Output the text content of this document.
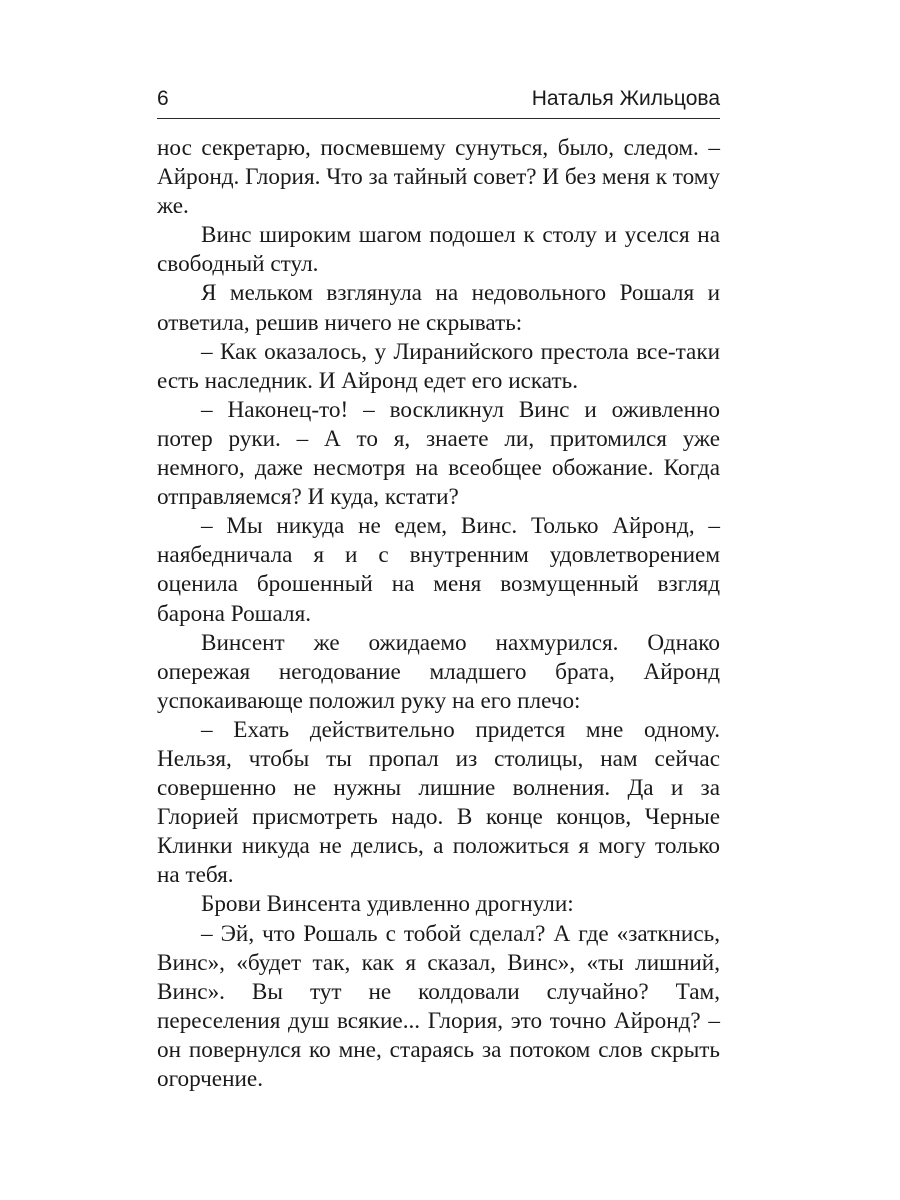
6	Наталья Жильцова

нос секретарю, посмевшему сунуться, было, следом. – Айронд. Глория. Что за тайный совет? И без меня к тому же.

Винс широким шагом подошел к столу и уселся на свободный стул.

Я мельком взглянула на недовольного Рошаля и ответила, решив ничего не скрывать:

– Как оказалось, у Лиранийского престола все-таки есть наследник. И Айронд едет его искать.

– Наконец-то! – воскликнул Винс и оживленно потер руки. – А то я, знаете ли, притомился уже немного, даже несмотря на всеобщее обожание. Когда отправляемся? И куда, кстати?

– Мы никуда не едем, Винс. Только Айронд, – наябедничала я и с внутренним удовлетворением оценила брошенный на меня возмущенный взгляд барона Рошаля.

Винсент же ожидаемо нахмурился. Однако опережая негодование младшего брата, Айронд успокаивающе положил руку на его плечо:

– Ехать действительно придется мне одному. Нельзя, чтобы ты пропал из столицы, нам сейчас совершенно не нужны лишние волнения. Да и за Глорией присмотреть надо. В конце концов, Черные Клинки никуда не делись, а положиться я могу только на тебя.

Брови Винсента удивленно дрогнули:

– Эй, что Рошаль с тобой сделал? А где «заткнись, Винс», «будет так, как я сказал, Винс», «ты лишний, Винс». Вы тут не колдовали случайно? Там, переселения душ всякие... Глория, это точно Айронд? – он повернулся ко мне, стараясь за потоком слов скрыть огорчение.
